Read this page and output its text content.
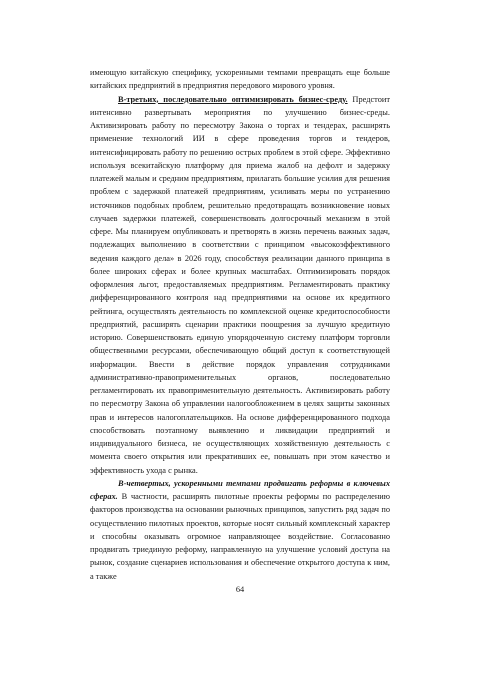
имеющую китайскую специфику, ускоренными темпами превращать еще больше китайских предприятий в предприятия передового мирового уровня.

В-третьих, последовательно оптимизировать бизнес-среду. Предстоит интенсивно развертывать мероприятия по улучшению бизнес-среды. Активизировать работу по пересмотру Закона о торгах и тендерах, расширять применение технологий ИИ в сфере проведения торгов и тендеров, интенсифицировать работу по решению острых проблем в этой сфере. Эффективно используя всекитайскую платформу для приема жалоб на дефолт и задержку платежей малым и средним предприятиям, прилагать большие усилия для решения проблем с задержкой платежей предприятиям, усиливать меры по устранению источников подобных проблем, решительно предотвращать возникновение новых случаев задержки платежей, совершенствовать долгосрочный механизм в этой сфере. Мы планируем опубликовать и претворять в жизнь перечень важных задач, подлежащих выполнению в соответствии с принципом «высокоэффективного ведения каждого дела» в 2026 году, способствуя реализации данного принципа в более широких сферах и более крупных масштабах. Оптимизировать порядок оформления льгот, предоставляемых предприятиям. Регламентировать практику дифференцированного контроля над предприятиями на основе их кредитного рейтинга, осуществлять деятельность по комплексной оценке кредитоспособности предприятий, расширять сценарии практики поощрения за лучшую кредитную историю. Совершенствовать единую упорядоченную систему платформ торговли общественными ресурсами, обеспечивающую общий доступ к соответствующей информации. Ввести в действие порядок управления сотрудниками административно-правоприменительных органов, последовательно регламентировать их правоприменительную деятельность. Активизировать работу по пересмотру Закона об управлении налогообложением в целях защиты законных прав и интересов налогоплательщиков. На основе дифференцированного подхода способствовать поэтапному выявлению и ликвидации предприятий и индивидуального бизнеса, не осуществляющих хозяйственную деятельность с момента своего открытия или прекративших ее, повышать при этом качество и эффективность ухода с рынка.

В-четвертых, ускоренными темпами продвигать реформы в ключевых сферах. В частности, расширять пилотные проекты реформы по распределению факторов производства на основании рыночных принципов, запустить ряд задач по осуществлению пилотных проектов, которые носят сильный комплексный характер и способны оказывать огромное направляющее воздействие. Согласованно продвигать триединую реформу, направленную на улучшение условий доступа на рынок, создание сценариев использования и обеспечение открытого доступа к ним, а также

64
